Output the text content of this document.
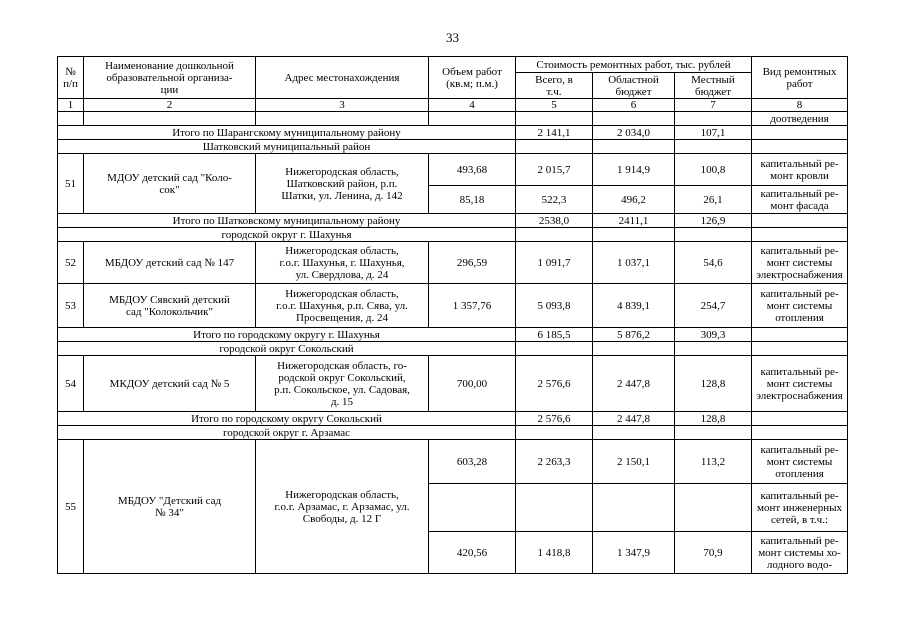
33
№
п/п	Наименование дошкольной
образовательной организа-
ции	Адрес местонахождения	Объем работ
(кв.м; п.м.)	Стоимость ремонтных работ, тыс. рублей			Вид ремонтных
работ
				Всего, в
т.ч.	Областной
бюджет	Местный
бюджет	
1	2	3	4	5	6	7	8
							доотведения
Итого по Шарангскому муниципальному району				2 141,1	2 034,0	107,1	
Шатковский муниципальный район							
51	МДОУ детский сад "Коло-
сок"	Нижегородская область,
Шатковский район, р.п.
Шатки, ул. Ленина, д. 142	493,68	2 015,7	1 914,9	100,8	капитальный ре-
монт кровли
			85,18	522,3	496,2	26,1	капитальный ре-
монт фасада
Итого по Шатковскому муниципальному району				2538,0	2411,1	126,9	
городской округ г. Шахунья							
52	МБДОУ детский сад № 147	Нижегородская область,
г.о.г. Шахунья, г. Шахунья,
ул. Свердлова, д. 24	296,59	1 091,7	1 037,1	54,6	капитальный ре-
монт системы
электроснабжения
53	МБДОУ Сявский детский
сад "Колокольчик"	Нижегородская область,
г.о.г. Шахунья, р.п. Сява, ул.
Просвещения, д. 24	1 357,76	5 093,8	4 839,1	254,7	капитальный ре-
монт системы
отопления
Итого по городскому округу г. Шахунья				6 185,5	5 876,2	309,3	
городской округ Сокольский							
54	МКДОУ детский сад № 5	Нижегородская область, го-
родской округ Сокольский,
р.п. Сокольское, ул. Садовая,
д. 15	700,00	2 576,6	2 447,8	128,8	капитальный ре-
монт системы
электроснабжения
Итого по городскому округу Сокольский				2 576,6	2 447,8	128,8	
городской округ г. Арзамас							
55	МБДОУ "Детский сад
№ 34"	Нижегородская область,
г.о.г. Арзамас, г. Арзамас, ул.
Свободы, д. 12 Г	603,28	2 263,3	2 150,1	113,2	капитальный ре-
монт системы
отопления
							капитальный ре-
монт инженерных
сетей, в т.ч.:
			420,56	1 418,8	1 347,9	70,9	капитальный ре-
монт системы хо-
лодного водо-
